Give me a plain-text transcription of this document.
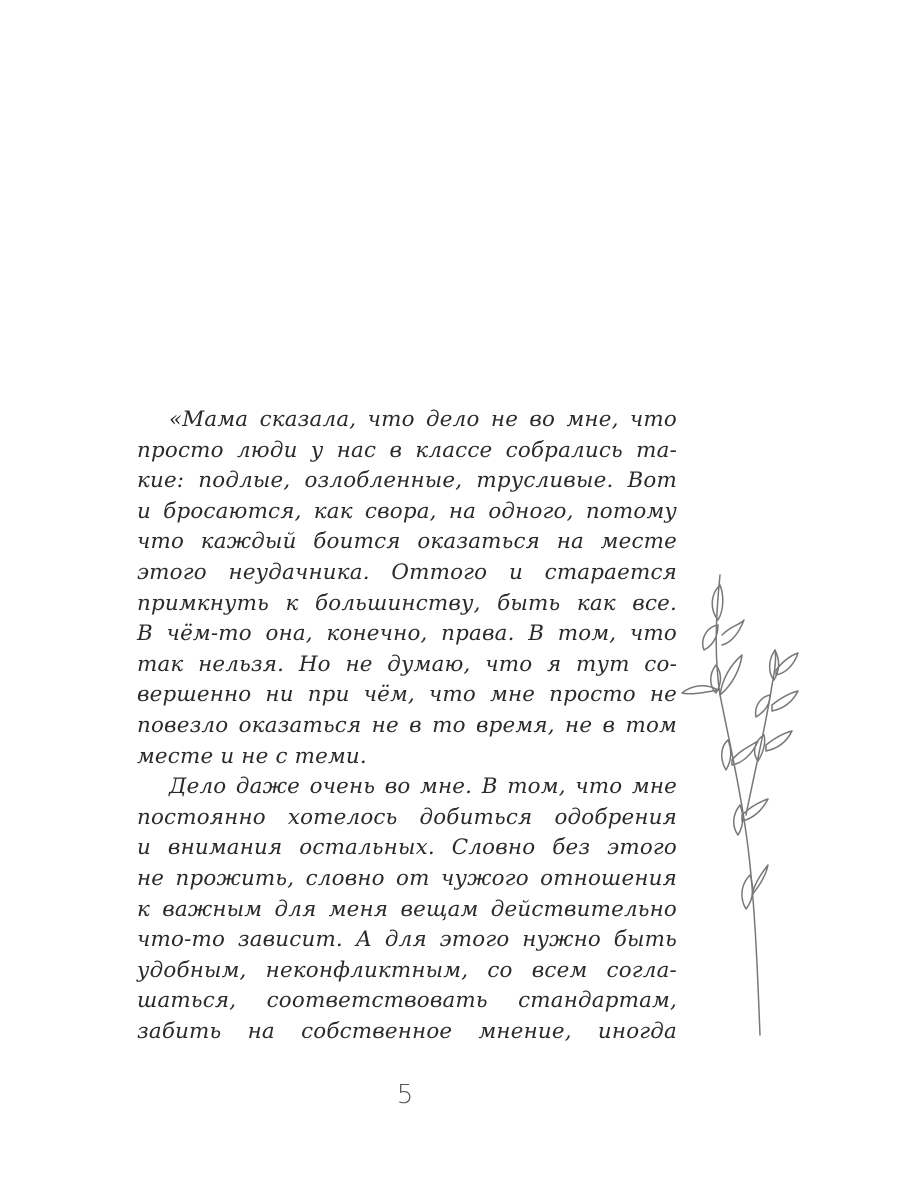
«Мама сказала, что дело не во мне, что
просто люди у нас в классе собрались та-
кие: подлые, озлобленные, трусливые. Вот
и бросаются, как свора, на одного, потому
что каждый боится оказаться на месте
этого неудачника. Оттого и старается
примкнуть к большинству, быть как все.
В чём-то она, конечно, права. В том, что
так нельзя. Но не думаю, что я тут со-
вершенно ни при чём, что мне просто не
повезло оказаться не в то время, не в том
месте и не с теми.
Дело даже очень во мне. В том, что мне
постоянно хотелось добиться одобрения
и внимания остальных. Словно без этого
не прожить, словно от чужого отношения
к важным для меня вещам действительно
что-то зависит. А для этого нужно быть
удобным, неконфликтным, со всем согла-
шаться, соответствовать стандартам,
забить на собственное мнение, иногда
5
